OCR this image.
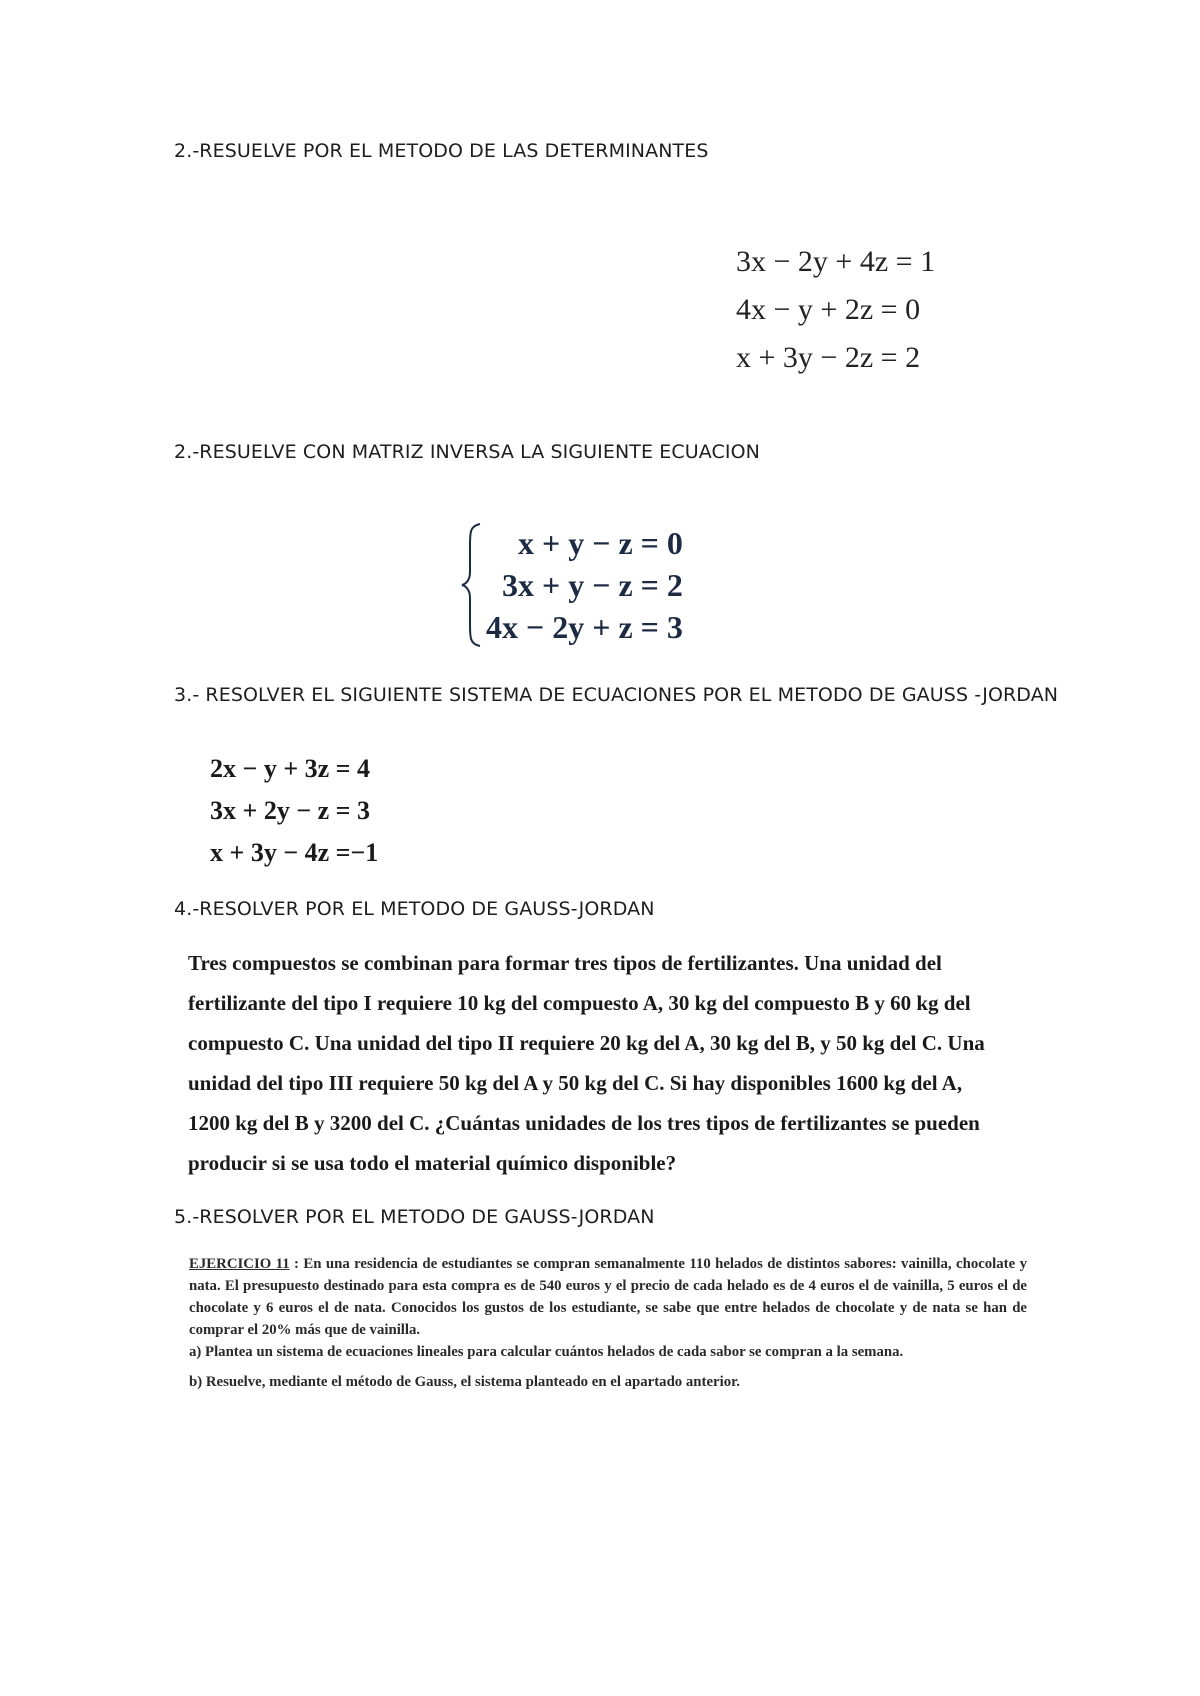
2.-RESUELVE POR EL METODO DE LAS DETERMINANTES
3x − 2y + 4z = 1
4x − y + 2z = 0
x + 3y − 2z = 2
2.-RESUELVE CON MATRIZ INVERSA LA SIGUIENTE ECUACION
x + y − z = 0
3x + y − z = 2
4x − 2y + z = 3
3.- RESOLVER EL SIGUIENTE SISTEMA DE ECUACIONES POR EL METODO DE GAUSS -JORDAN
2x − y + 3z = 4
3x + 2y − z = 3
x + 3y − 4z =−1
4.-RESOLVER POR EL METODO DE GAUSS-JORDAN
Tres compuestos se combinan para formar tres tipos de fertilizantes. Una unidad del
fertilizante del tipo I requiere 10 kg del compuesto A, 30 kg del compuesto B y 60 kg del
compuesto C. Una unidad del tipo II requiere 20 kg del A, 30 kg del B, y 50 kg del C. Una
unidad del tipo III requiere 50 kg del A y 50 kg del C. Si hay disponibles 1600 kg del A,
1200 kg del B y 3200 del C. ¿Cuántas unidades de los tres tipos de fertilizantes se pueden
producir si se usa todo el material químico disponible?
5.-RESOLVER POR EL METODO DE GAUSS-JORDAN

EJERCICIO 11 : En una residencia de estudiantes se compran semanalmente 110 helados de distintos sabores: vainilla, chocolate y nata. El presupuesto destinado para esta compra es de 540 euros y el precio de cada helado es de 4 euros el de vainilla, 5 euros el de chocolate y 6 euros el de nata. Conocidos los gustos de los estudiante, se sabe que entre helados de chocolate y de nata se han de comprar el 20% más que de vainilla.

a) Plantea un sistema de ecuaciones lineales para calcular cuántos helados de cada sabor se compran a la semana.

b) Resuelve, mediante el método de Gauss, el sistema planteado en el apartado anterior.
